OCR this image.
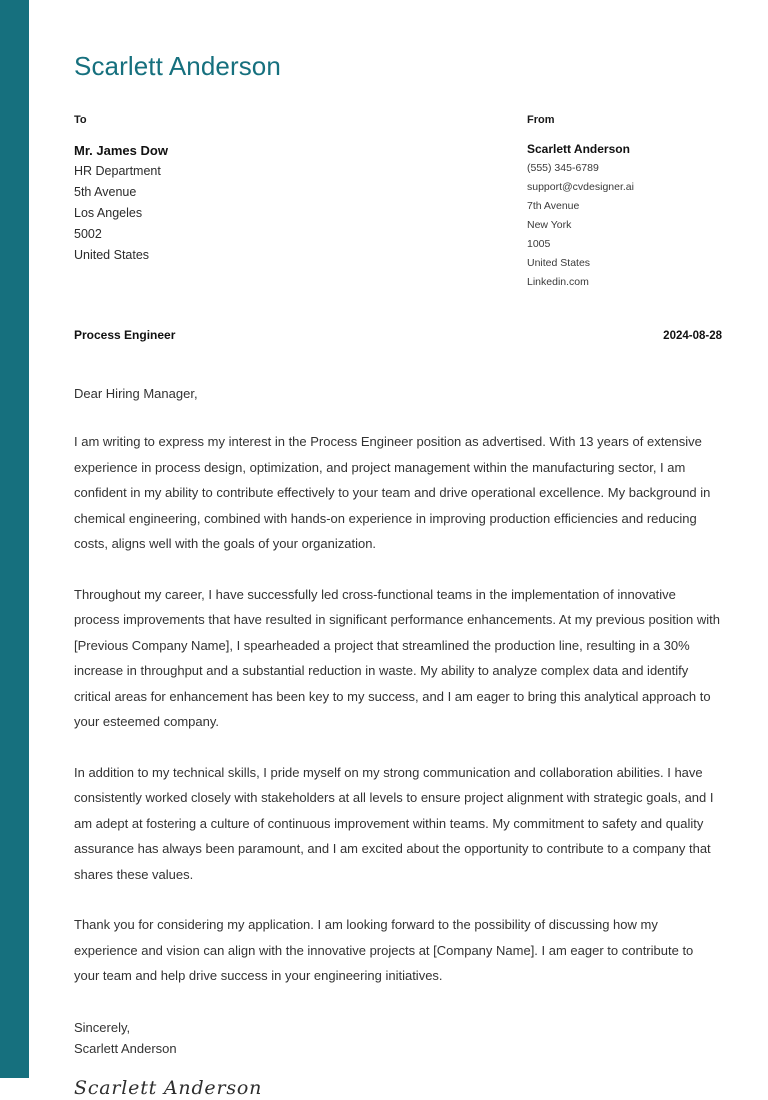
Scarlett Anderson
To
Mr. James Dow
HR Department
5th Avenue
Los Angeles
5002
United States
From
Scarlett Anderson
(555) 345-6789
support@cvdesigner.ai
7th Avenue
New York
1005
United States
Linkedin.com
Process Engineer	2024-08-28
Dear Hiring Manager,

I am writing to express my interest in the Process Engineer position as advertised. With 13 years of extensive experience in process design, optimization, and project management within the manufacturing sector, I am confident in my ability to contribute effectively to your team and drive operational excellence. My background in chemical engineering, combined with hands-on experience in improving production efficiencies and reducing costs, aligns well with the goals of your organization.

Throughout my career, I have successfully led cross-functional teams in the implementation of innovative process improvements that have resulted in significant performance enhancements. At my previous position with [Previous Company Name], I spearheaded a project that streamlined the production line, resulting in a 30% increase in throughput and a substantial reduction in waste. My ability to analyze complex data and identify critical areas for enhancement has been key to my success, and I am eager to bring this analytical approach to your esteemed company.

In addition to my technical skills, I pride myself on my strong communication and collaboration abilities. I have consistently worked closely with stakeholders at all levels to ensure project alignment with strategic goals, and I am adept at fostering a culture of continuous improvement within teams. My commitment to safety and quality assurance has always been paramount, and I am excited about the opportunity to contribute to a company that shares these values.

Thank you for considering my application. I am looking forward to the possibility of discussing how my experience and vision can align with the innovative projects at [Company Name]. I am eager to contribute to your team and help drive success in your engineering initiatives.

Sincerely,
Scarlett Anderson
Scarlett Anderson
